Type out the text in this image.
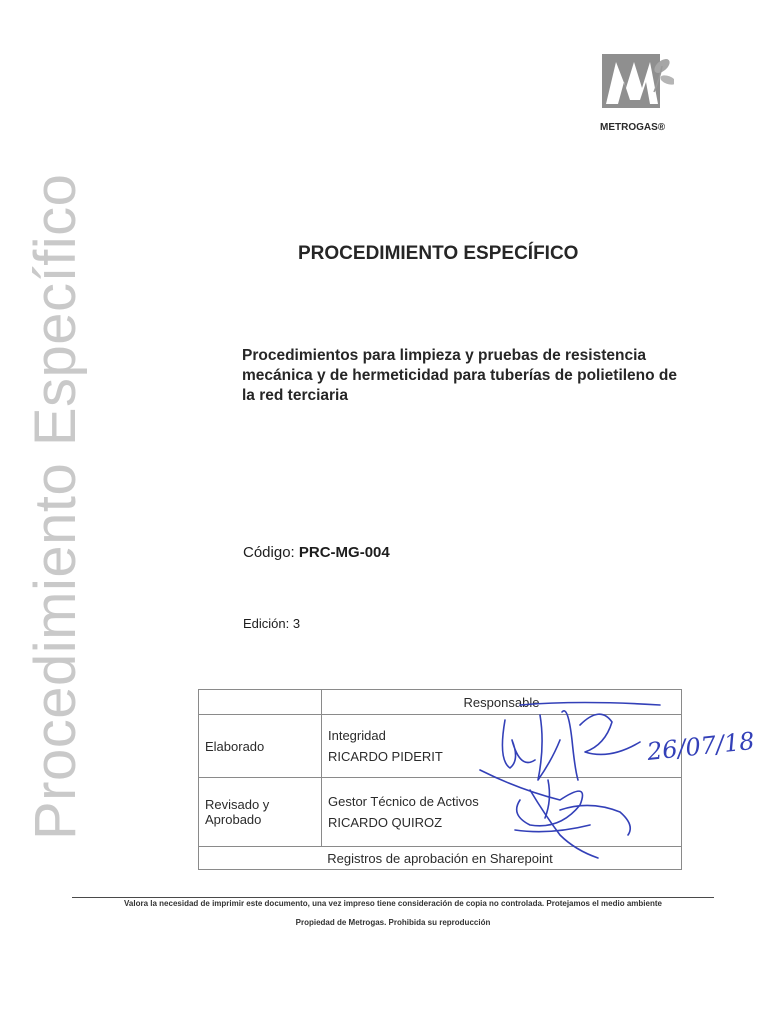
METROGAS®
Procedimiento Específico	PROCEDIMIENTO ESPECÍFICO
Procedimientos para limpieza y pruebas de resistencia mecánica y de hermeticidad para tuberías de polietileno de la red terciaria
Código: PRC-MG-004
Edición: 3
	Responsable
Elaborado	Integridad
RICARDO PIDERIT

Revisado y Aprobado	Gestor Técnico de Activos
RICARDO QUIROZ

Registros de aprobación en Sharepoint	
26/07/18
Valora la necesidad de imprimir este documento, una vez impreso tiene consideración de copia no controlada. Protejamos el medio ambiente
Propiedad de Metrogas. Prohibida su reproducción
